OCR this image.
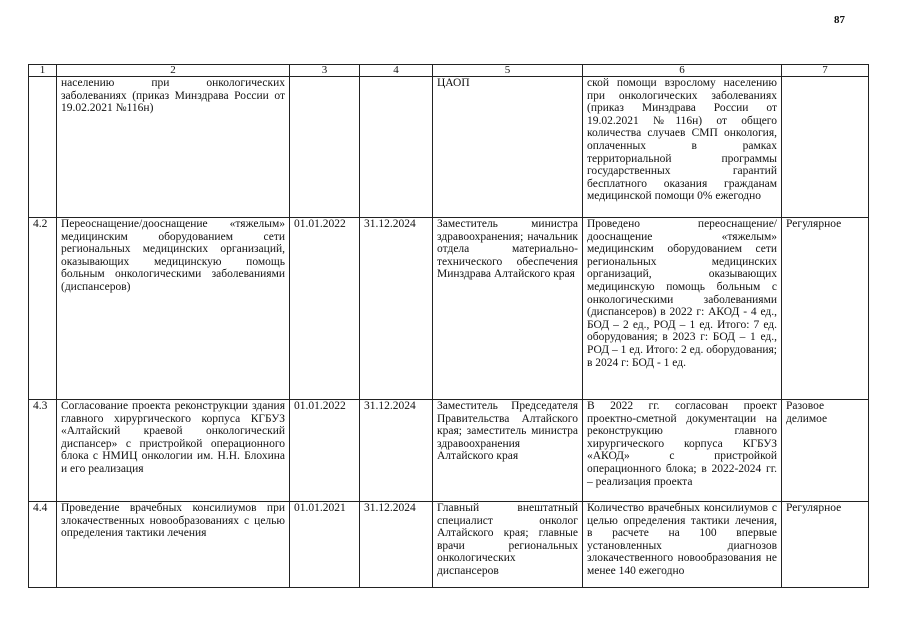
87
1	2	3	4	5	6	7
	населению при онкологических заболеваниях (приказ Минздрава России от 19.02.2021 №116н)			ЦАОП	ской помощи взрослому населению при онкологических заболеваниях (приказ Минздрава России от 19.02.2021 №116н) от общего количества случаев СМП онкология, оплаченных в рамках территориальной программы государственных гарантий бесплатного оказания гражданам медицинской помощи 0% ежегодно	
4.2	Переоснащение/дооснащение «тяжелым» медицинским оборудованием сети региональных медицинских организаций, оказывающих медицинскую помощь больным онкологическими заболеваниями (диспансеров)	01.01.2022	31.12.2024	Заместитель министра здравоохранения; начальник отдела материально-технического обеспечения Минздрава Алтайского края	Проведено переоснащение/дооснащение «тяжелым» медицинским оборудованием сети региональных медицинских организаций, оказывающих медицинскую помощь больным с онкологическими заболеваниями (диспансеров) в 2022 г: АКОД - 4 ед., БОД – 2 ед., РОД – 1 ед. Итого: 7 ед. оборудования; в 2023 г: БОД – 1 ед., РОД – 1 ед. Итого: 2 ед. оборудования; в 2024 г: БОД - 1 ед.	Регулярное
4.3	Согласование проекта реконструкции здания главного хирургического корпуса КГБУЗ «Алтайский краевой онкологический диспансер» с пристройкой операционного блока с НМИЦ онкологии им. Н.Н. Блохина и его реализация	01.01.2022	31.12.2024	Заместитель Председателя Правительства Алтайского края; заместитель министра здравоохранения Алтайского края	В 2022 гг. согласован проект проектно-сметной документации на реконструкцию главного хирургического корпуса КГБУЗ «АКОД» с пристройкой операционного блока; в 2022-2024 гг. – реализация проекта	Разовое делимое
4.4	Проведение врачебных консилиумов при злокачественных новообразованиях с целью определения тактики лечения	01.01.2021	31.12.2024	Главный внештатный специалист онколог Алтайского края; главные врачи региональных онкологических диспансеров	Количество врачебных консилиумов с целью определения тактики лечения, в расчете на 100 впервые установленных диагнозов злокачественного новообразования не менее 140 ежегодно	Регулярное
